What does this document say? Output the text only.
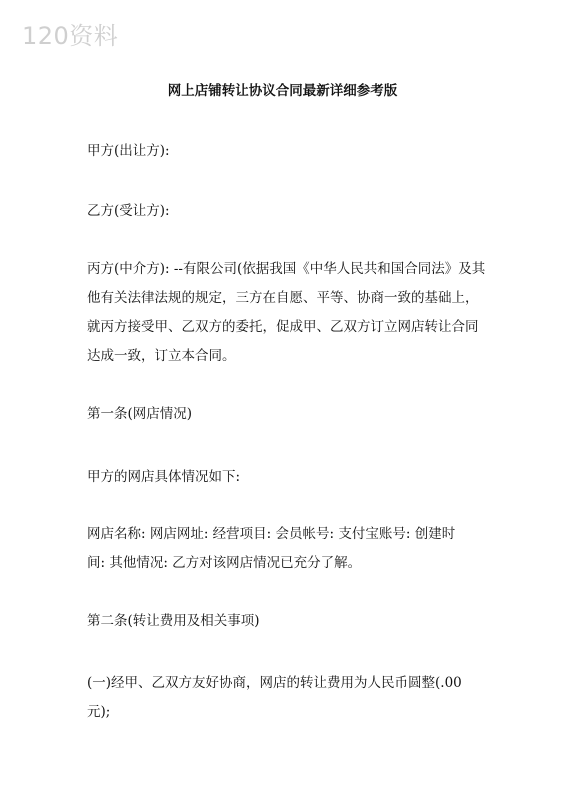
120资料
网上店铺转让协议合同最新详细参考版

甲方(出让方):

乙方(受让方):

丙方(中介方): --有限公司(依据我国《中华人民共和国合同法》及其
他有关法律法规的规定，三方在自愿、平等、协商一致的基础上，
就丙方接受甲、乙双方的委托，促成甲、乙双方订立网店转让合同
达成一致，订立本合同。

第一条(网店情况)

甲方的网店具体情况如下:

网店名称: 网店网址: 经营项目: 会员帐号: 支付宝账号: 创建时
间: 其他情况: 乙方对该网店情况已充分了解。

第二条(转让费用及相关事项)

(一)经甲、乙双方友好协商，网店的转让费用为人民币圆整(.00 元);
